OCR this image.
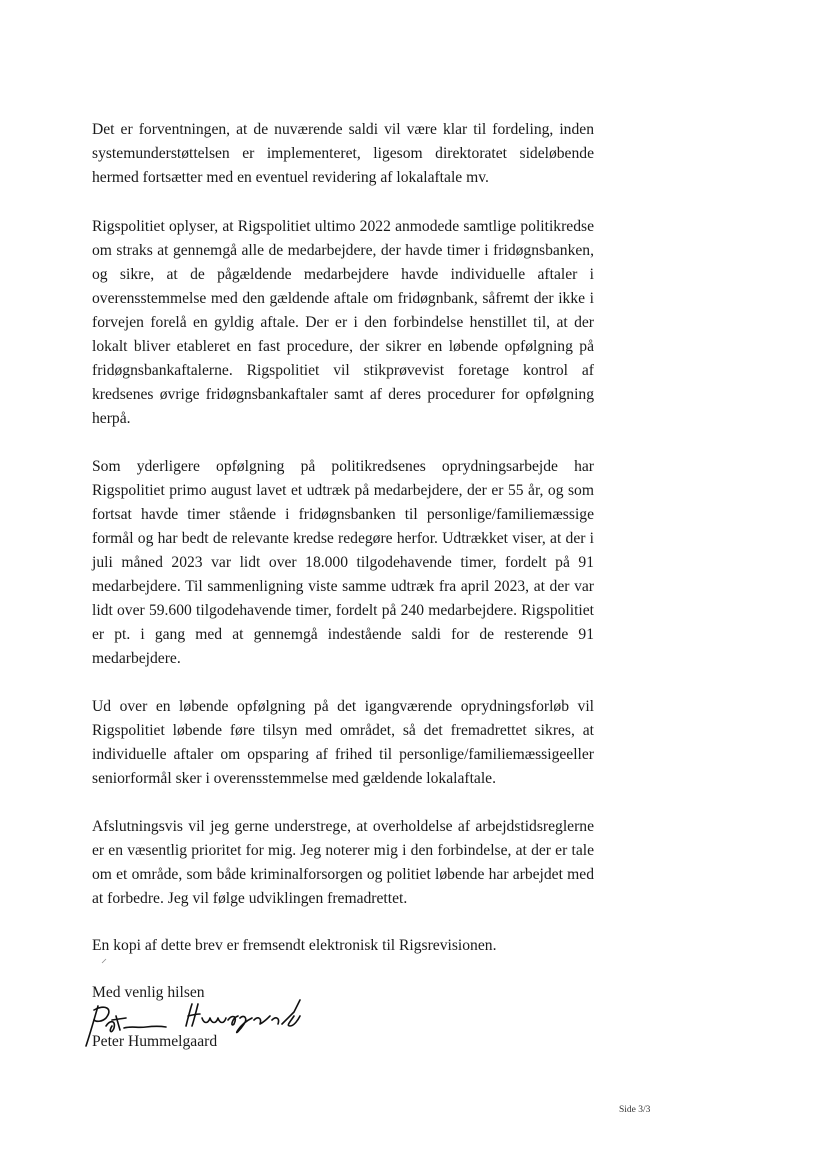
Det er forventningen, at de nuværende saldi vil være klar til fordeling, inden systemunderstøttelsen er implementeret, ligesom direktoratet sideløbende hermed fortsætter med en eventuel revidering af lokalaftale mv.

Rigspolitiet oplyser, at Rigspolitiet ultimo 2022 anmodede samtlige politikredse om straks at gennemgå alle de medarbejdere, der havde timer i fridøgnsbanken, og sikre, at de pågældende medarbejdere havde individuelle aftaler i overensstemmelse med den gældende aftale om fridøgnbank, såfremt der ikke i forvejen forelå en gyldig aftale. Der er i den forbindelse henstillet til, at der lokalt bliver etableret en fast procedure, der sikrer en løbende opfølgning på fridøgnsbankaftalerne. Rigspolitiet vil stikprøvevist foretage kontrol af kredsenes øvrige fridøgnsbankaftaler samt af deres procedurer for opfølgning herpå.

Som yderligere opfølgning på politikredsenes oprydningsarbejde har Rigspolitiet primo august lavet et udtræk på medarbejdere, der er 55 år, og som fortsat havde timer stående i fridøgnsbanken til personlige/familiemæssige formål og har bedt de relevante kredse redegøre herfor. Udtrækket viser, at der i juli måned 2023 var lidt over 18.000 tilgodehavende timer, fordelt på 91 medarbejdere. Til sammenligning viste samme udtræk fra april 2023, at der var lidt over 59.600 tilgodehavende timer, fordelt på 240 medarbejdere. Rigspolitiet er pt. i gang med at gennemgå indestående saldi for de resterende 91 medarbejdere.

Ud over en løbende opfølgning på det igangværende oprydningsforløb vil Rigspolitiet løbende føre tilsyn med området, så det fremadrettet sikres, at individuelle aftaler om opsparing af frihed til personlige/familiemæssigeeller seniorformål sker i overensstemmelse med gældende lokalaftale.

Afslutningsvis vil jeg gerne understrege, at overholdelse af arbejdstidsreglerne er en væsentlig prioritet for mig. Jeg noterer mig i den forbindelse, at der er tale om et område, som både kriminalforsorgen og politiet løbende har arbejdet med at forbedre. Jeg vil følge udviklingen fremadrettet.

En kopi af dette brev er fremsendt elektronisk til Rigsrevisionen.

Med venlig hilsen

Peter Hummelgaard

Side 3/3
